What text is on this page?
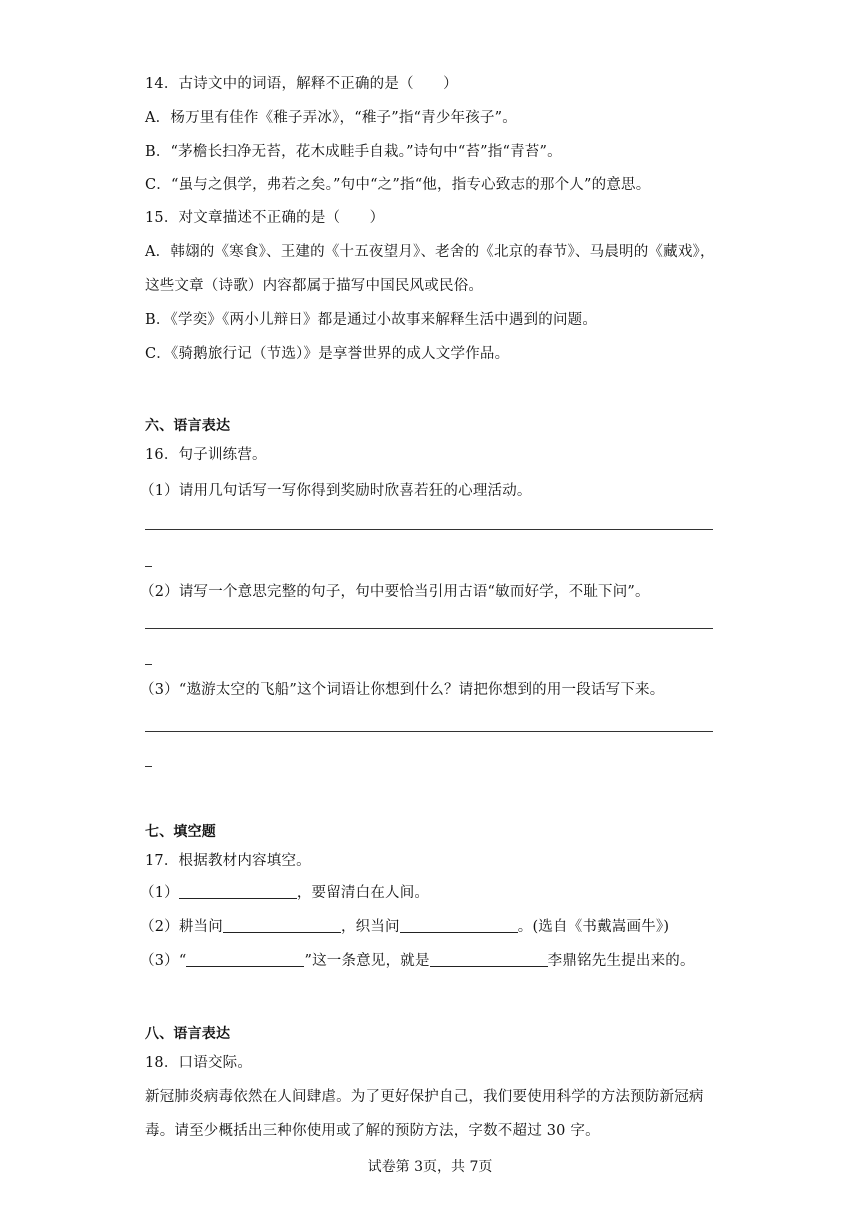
14．古诗文中的词语，解释不正确的是（　　）
A．杨万里有佳作《稚子弄冰》，“稚子”指“青少年孩子”。
B．“茅檐长扫净无苔，花木成畦手自栽。”诗句中“苔”指“青苔”。
C．“虽与之俱学，弗若之矣。”句中“之”指“他，指专心致志的那个人”的意思。
15．对文章描述不正确的是（　　）
A．韩翃的《寒食》、王建的《十五夜望月》、老舍的《北京的春节》、马晨明的《藏戏》，
这些文章（诗歌）内容都属于描写中国民风或民俗。
B．《学奕》《两小儿辩日》都是通过小故事来解释生活中遇到的问题。
C．《骑鹅旅行记（节选）》是享誉世界的成人文学作品。
六、语言表达
16．句子训练营。
（1）请用几句话写一写你得到奖励时欣喜若狂的心理活动。
（2）请写一个意思完整的句子，句中要恰当引用古语“敏而好学，不耻下问”。
（3）“遨游太空的飞船”这个词语让你想到什么？请把你想到的用一段话写下来。
七、填空题
17．根据教材内容填空。
（1）	，要留清白在人间。
（2）耕当问	，织当问	。(选自《书戴嵩画牛》)
（3）“	”这一条意见，就是	李鼎铭先生提出来的。
八、语言表达
18．口语交际。
新冠肺炎病毒依然在人间肆虐。为了更好保护自己，我们要使用科学的方法预防新冠病
毒。请至少概括出三种你使用或了解的预防方法，字数不超过 30 字。
试卷第 3页，共 7页
